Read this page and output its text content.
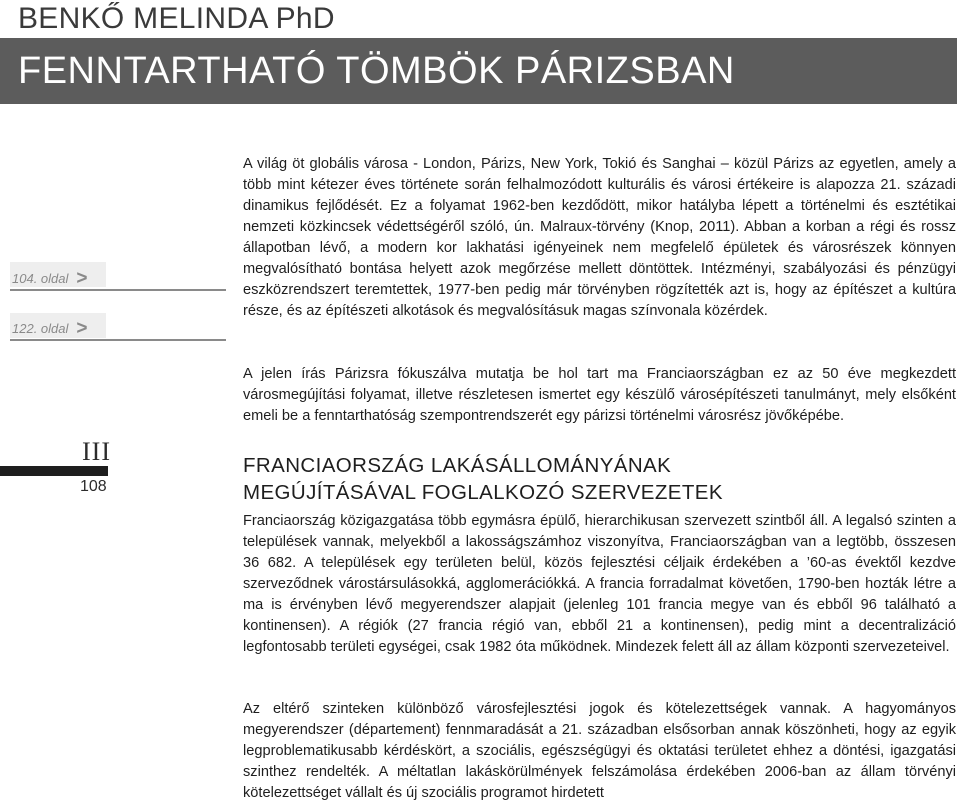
BENKŐ MELINDA PhD
FENNTARTHATÓ TÖMBÖK PÁRIZSBAN
104. oldal >
122. oldal >
III
108

A világ öt globális városa - London, Párizs, New York, Tokió és Sanghai – közül Párizs az egyetlen, amely a több mint kétezer éves története során felhalmozódott kulturális és városi értékeire is alapozza 21. századi dinamikus fejlődését. Ez a folyamat 1962-ben kezdődött, mikor hatályba lépett a történelmi és esztétikai nemzeti közkincsek védettségéről szóló, ún. Malraux-törvény (Knop, 2011). Abban a korban a régi és rossz állapotban lévő, a modern kor lakhatási igényeinek nem megfelelő épületek és városrészek könnyen megvalósítható bontása helyett azok megőrzése mellett döntöttek. Intézményi, szabályozási és pénzügyi eszközrendszert teremtettek, 1977-ben pedig már törvényben rögzítették azt is, hogy az építészet a kultúra része, és az építészeti alkotások és megvalósításuk magas színvonala közérdek.

A jelen írás Párizsra fókuszálva mutatja be hol tart ma Franciaországban ez az 50 éve megkezdett városmegújítási folyamat, illetve részletesen ismertet egy készülő városépítészeti tanulmányt, mely elsőként emeli be a fenntarthatóság szempontrendszerét egy párizsi történelmi városrész jövőképébe.

FRANCIAORSZÁG LAKÁSÁLLOMÁNYÁNAK
MEGÚJÍTÁSÁVAL FOGLALKOZÓ SZERVEZETEK

Franciaország közigazgatása több egymásra épülő, hierarchikusan szervezett szintből áll. A legalsó szinten a települések vannak, melyekből a lakosságszámhoz viszonyítva, Franciaországban van a legtöbb, összesen 36 682. A települések egy területen belül, közös fejlesztési céljaik érdekében a ’60-as évektől kezdve szerveződnek várostársulásokká, agglomerációkká. A francia forradalmat követően, 1790-ben hozták létre a ma is érvényben lévő megyerendszer alapjait (jelenleg 101 francia megye van és ebből 96 található a kontinensen). A régiók (27 francia régió van, ebből 21 a kontinensen), pedig mint a decentralizáció legfontosabb területi egységei, csak 1982 óta működnek. Mindezek felett áll az állam központi szervezeteivel.

Az eltérő szinteken különböző városfejlesztési jogok és kötelezettségek vannak. A hagyományos megyerendszer (département) fennmaradását a 21. században elsősorban annak köszönheti, hogy az egyik legproblematikusabb kérdéskört, a szociális, egészségügyi és oktatási területet ehhez a döntési, igazgatási szinthez rendelték. A méltatlan lakáskörülmények felszámolása érdekében 2006-ban az állam törvényi kötelezettséget vállalt és új szociális programot hirdetett
